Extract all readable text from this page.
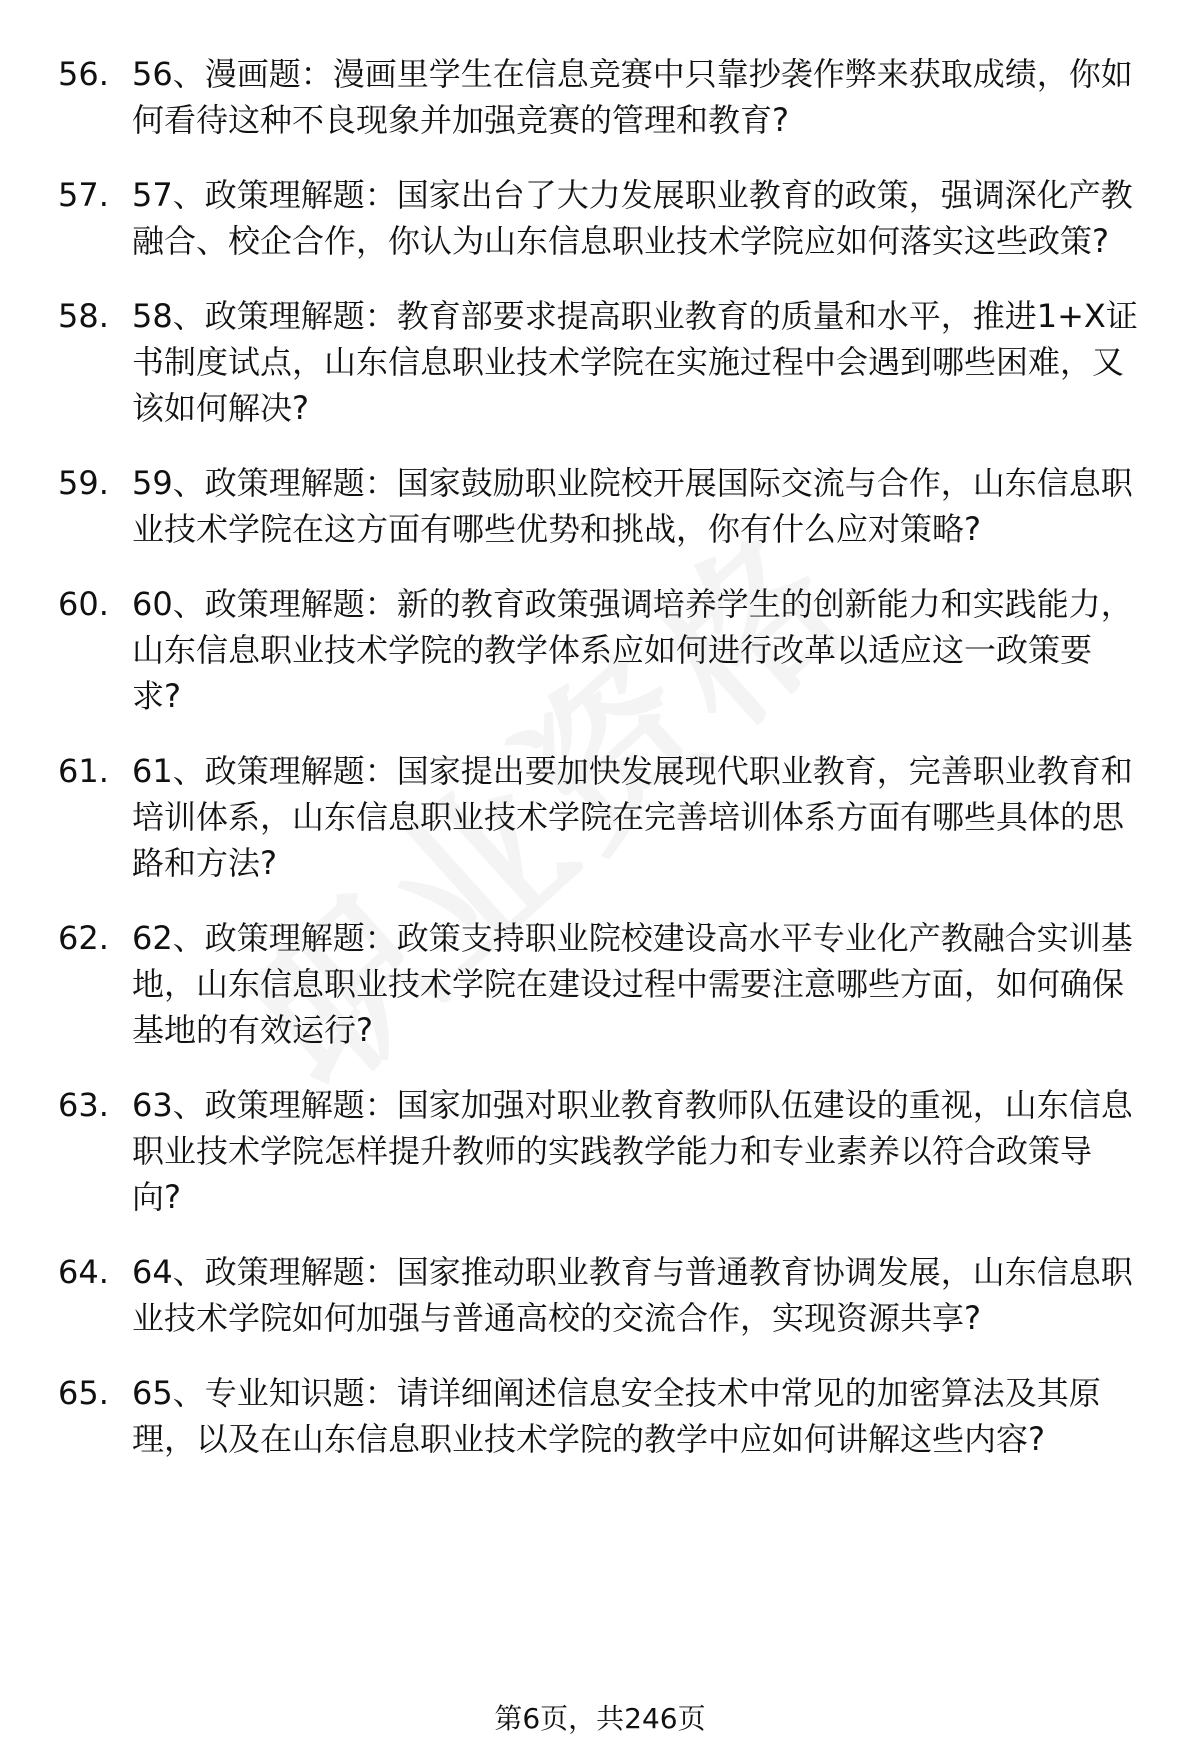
56. 56、漫画题：漫画里学生在信息竞赛中只靠抄袭作弊来获取成绩，你如何看待这种不良现象并加强竞赛的管理和教育?
57. 57、政策理解题：国家出台了大力发展职业教育的政策，强调深化产教融合、校企合作，你认为山东信息职业技术学院应如何落实这些政策?
58. 58、政策理解题：教育部要求提高职业教育的质量和水平，推进1+X证书制度试点，山东信息职业技术学院在实施过程中会遇到哪些困难，又该如何解决?
59. 59、政策理解题：国家鼓励职业院校开展国际交流与合作，山东信息职业技术学院在这方面有哪些优势和挑战，你有什么应对策略?
60. 60、政策理解题：新的教育政策强调培养学生的创新能力和实践能力，山东信息职业技术学院的教学体系应如何进行改革以适应这一政策要求?
61. 61、政策理解题：国家提出要加快发展现代职业教育，完善职业教育和培训体系，山东信息职业技术学院在完善培训体系方面有哪些具体的思路和方法?
62. 62、政策理解题：政策支持职业院校建设高水平专业化产教融合实训基地，山东信息职业技术学院在建设过程中需要注意哪些方面，如何确保基地的有效运行?
63. 63、政策理解题：国家加强对职业教育教师队伍建设的重视，山东信息职业技术学院怎样提升教师的实践教学能力和专业素养以符合政策导向?
64. 64、政策理解题：国家推动职业教育与普通教育协调发展，山东信息职业技术学院如何加强与普通高校的交流合作，实现资源共享?
65. 65、专业知识题：请详细阐述信息安全技术中常见的加密算法及其原理，以及在山东信息职业技术学院的教学中应如何讲解这些内容?
第6页，共246页
